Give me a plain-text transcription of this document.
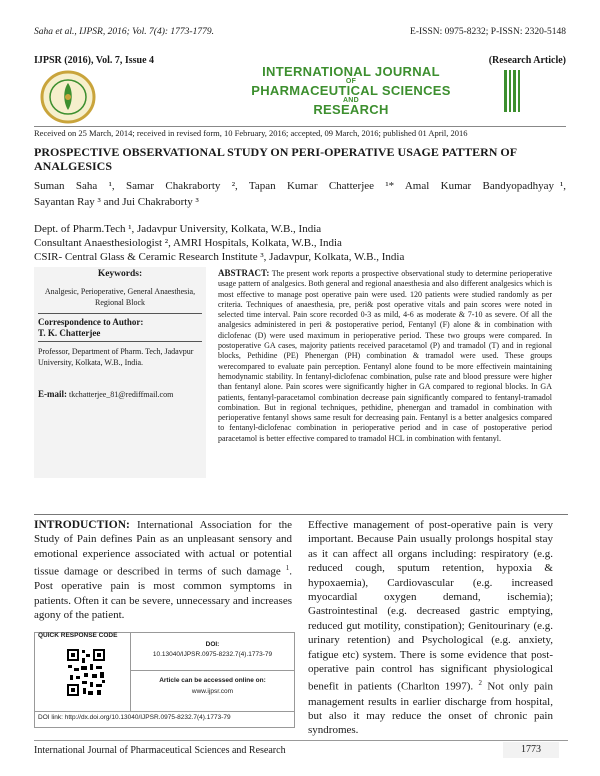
Saha et al., IJPSR, 2016; Vol. 7(4): 1773-1779.	E-ISSN: 0975-8232; P-ISSN: 2320-5148
IJPSR (2016), Vol. 7, Issue 4	(Research Article)
INTERNATIONAL JOURNAL
OF
PHARMACEUTICAL SCIENCES
AND
RESEARCH
Received on 25 March, 2014; received in revised form, 10 February, 2016; accepted, 09 March, 2016; published 01 April, 2016
PROSPECTIVE OBSERVATIONAL STUDY ON PERI-OPERATIVE USAGE PATTERN OF ANALGESICS
Suman Saha ¹, Samar Chakraborty ², Tapan Kumar Chatterjee ¹* Amal Kumar Bandyopadhyay ¹,
Sayantan Ray ³ and Jui Chakraborty ³
Dept. of Pharm.Tech ¹, Jadavpur University, Kolkata, W.B., India
Consultant Anaesthesiologist ², AMRI Hospitals, Kolkata, W.B., India
CSIR- Central Glass & Ceramic Research Institute ³, Jadavpur, Kolkata, W.B., India
Keywords:
Analgesic, Perioperative, General Anaesthesia, Regional Block
Correspondence to Author:
T. K. Chatterjee
Professor, Department of Pharm. Tech, Jadavpur University, Kolkata, W.B., India.
E-mail: tkchatterjee_81@rediffmail.com
ABSTRACT: The present work reports a prospective observational study to determine perioperative usage pattern of analgesics. Both general and regional anaesthesia and also different analgesics which is most effective to manage post operative pain were used. 120 patients were studied randomly as per criteria. Techniques of anaesthesia, pre, peri& post operative vitals and pain scores were noted in selected time interval. Pain score recorded 0-3 as mild, 4-6 as moderate & 7-10 as severe. Of all the analgesics administered in peri & postoperative period, Fentanyl (F) alone & in combination with diclofenac (D) were used maximum in perioperative period. These two groups were compared. In postoperative GA cases, majority patients received paracetamol (P) and tramadol (T) and in regional blocks, Pethidine (PE) Phenergan (PH) combination & tramadol were used. These groups werecompared to evaluate pain perception. Fentanyl alone found to be more effectivein maintaining hemodynamic stability. In fentanyl-diclofenac combination, pulse rate and blood pressure were higher than fentanyl alone. Pain scores were significantly higher in GA compared to regional blocks. In GA patients, fentanyl-paracetamol combination decrease pain significantly compared to fentanyl-tramadol combination. But in regional techniques, pethidine, phenergan and tramadol in combination with perioperative fentanyl shows same result for decreasing pain. Fentanyl is a better analgesics compared to fentanyl-diclofenac combination in perioperative period and in case of postoperative period paracetamol is better effective compared to tramadol HCL in combination with fentanyl.
INTRODUCTION: International Association for the Study of Pain defines Pain as an unpleasant sensory and emotional experience associated with actual or potential tissue damage or described in terms of such damage $^1$. Post operative pain is most common symptoms in patients. Often it can be severe, unnecessary and increases agony of the patient.
Effective management of post-operative pain is very important. Because Pain usually prolongs hospital stay as it can affect all organs including: respiratory (e.g. reduced cough, sputum retention, hypoxia & hypoxaemia), Cardiovascular (e.g. increased myocardial oxygen demand, ischemia); Gastrointestinal (e.g. decreased gastric emptying, reduced gut motility, constipation); Genitourinary (e.g. urinary retention) and Psychological (e.g. anxiety, fatigue etc) system. There is some evidence that post-operative pain control has significant physiological benefit in patients (Charlton 1997). $^2$ Not only pain management results in earlier discharge from hospital, but also it may reduce the onset of chronic pain syndromes.
QUICK RESPONSE CODE
DOI:
10.13040/IJPSR.0975-8232.7(4).1773-79
Article can be accessed online on:
www.ijpsr.com
DOI link: http://dx.doi.org/10.13040/IJPSR.0975-8232.7(4).1773-79
International Journal of Pharmaceutical Sciences and Research	1773
